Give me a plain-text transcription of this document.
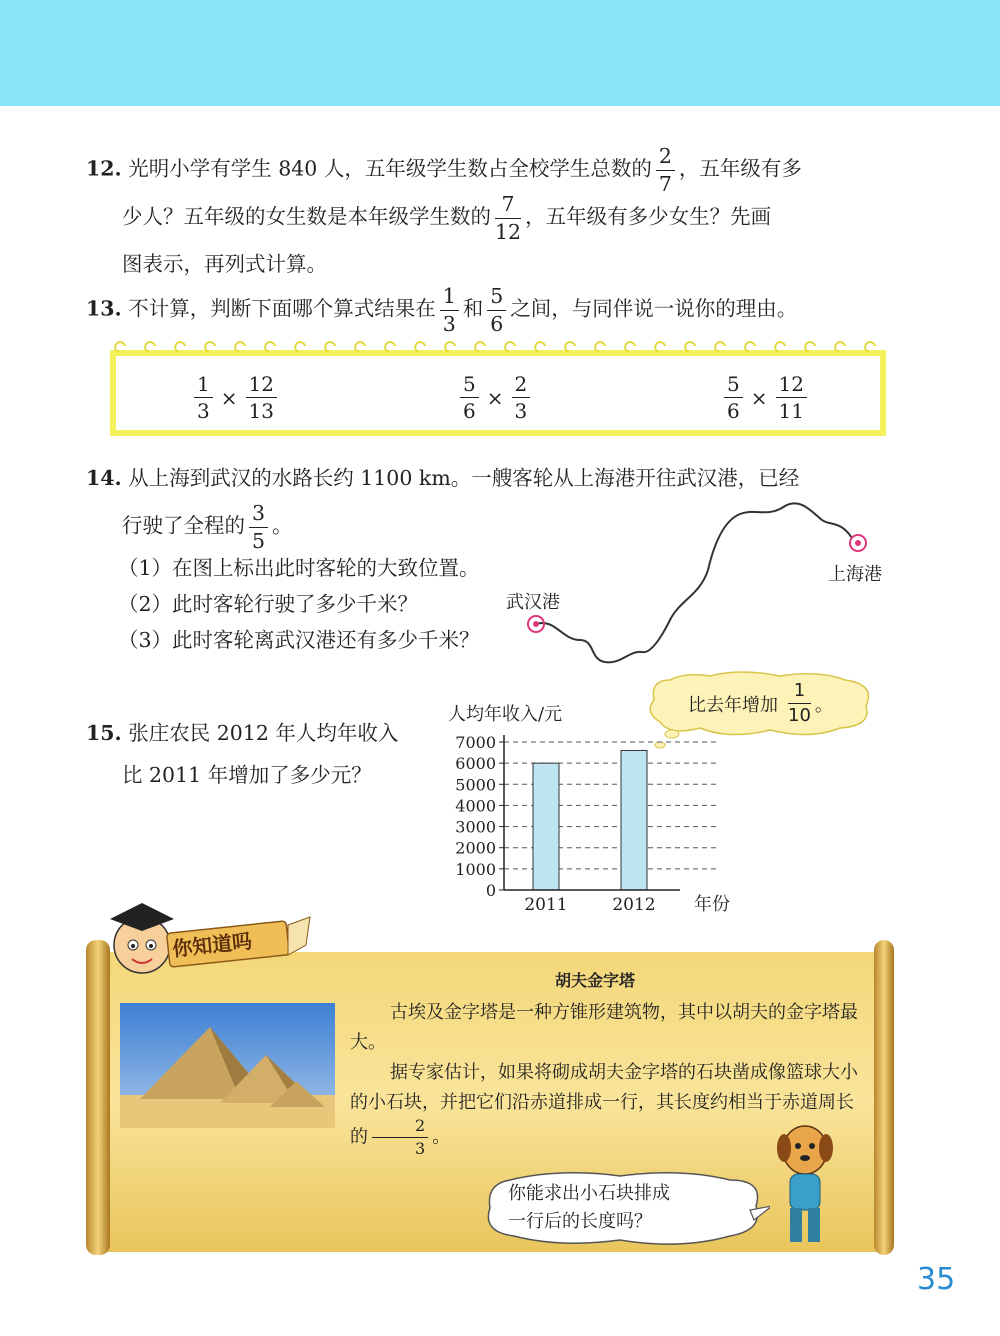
12. 光明小学有学生 840 人，五年级学生数占全校学生总数的 $\frac{2}{7}$ ，五年级有多
少人？五年级的女生数是本年级学生数的 $\frac{7}{12}$ ，五年级有多少女生？先画
图表示，再列式计算。
13. 不计算，判断下面哪个算式结果在 $\frac{1}{3}$ 和 $\frac{5}{6}$ 之间，与同伴说一说你的理由。
$\frac{1}{3} \times \frac{12}{13}$	$\frac{5}{6} \times \frac{2}{3}$	$\frac{5}{6} \times \frac{12}{11}$
14. 从上海到武汉的水路长约 1100 km。一艘客轮从上海港开往武汉港，已经
行驶了全程的 $\frac{3}{5}$ 。
（1）在图上标出此时客轮的大致位置。
（2）此时客轮行驶了多少千米？
（3）此时客轮离武汉港还有多少千米？
武汉港
上海港
15. 张庄农民 2012 年人均年收入
比 2011 年增加了多少元？
比去年增加 $\frac{1}{10}$ 。
人均年收入/元
0
1000
2000
3000
4000
5000
6000
7000
2011	2012 年份
你知道吗
胡夫金字塔
古埃及金字塔是一种方锥形建筑物，其中以胡夫的金字塔最大。
据专家估计，如果将砌成胡夫金字塔的石块凿成像篮球大小的小石块，并把它们沿赤道排成一行，其长度约相当于赤道周长的 $\frac{2}{3}$ 。
你能求出小石块排成
一行后的长度吗？
35
